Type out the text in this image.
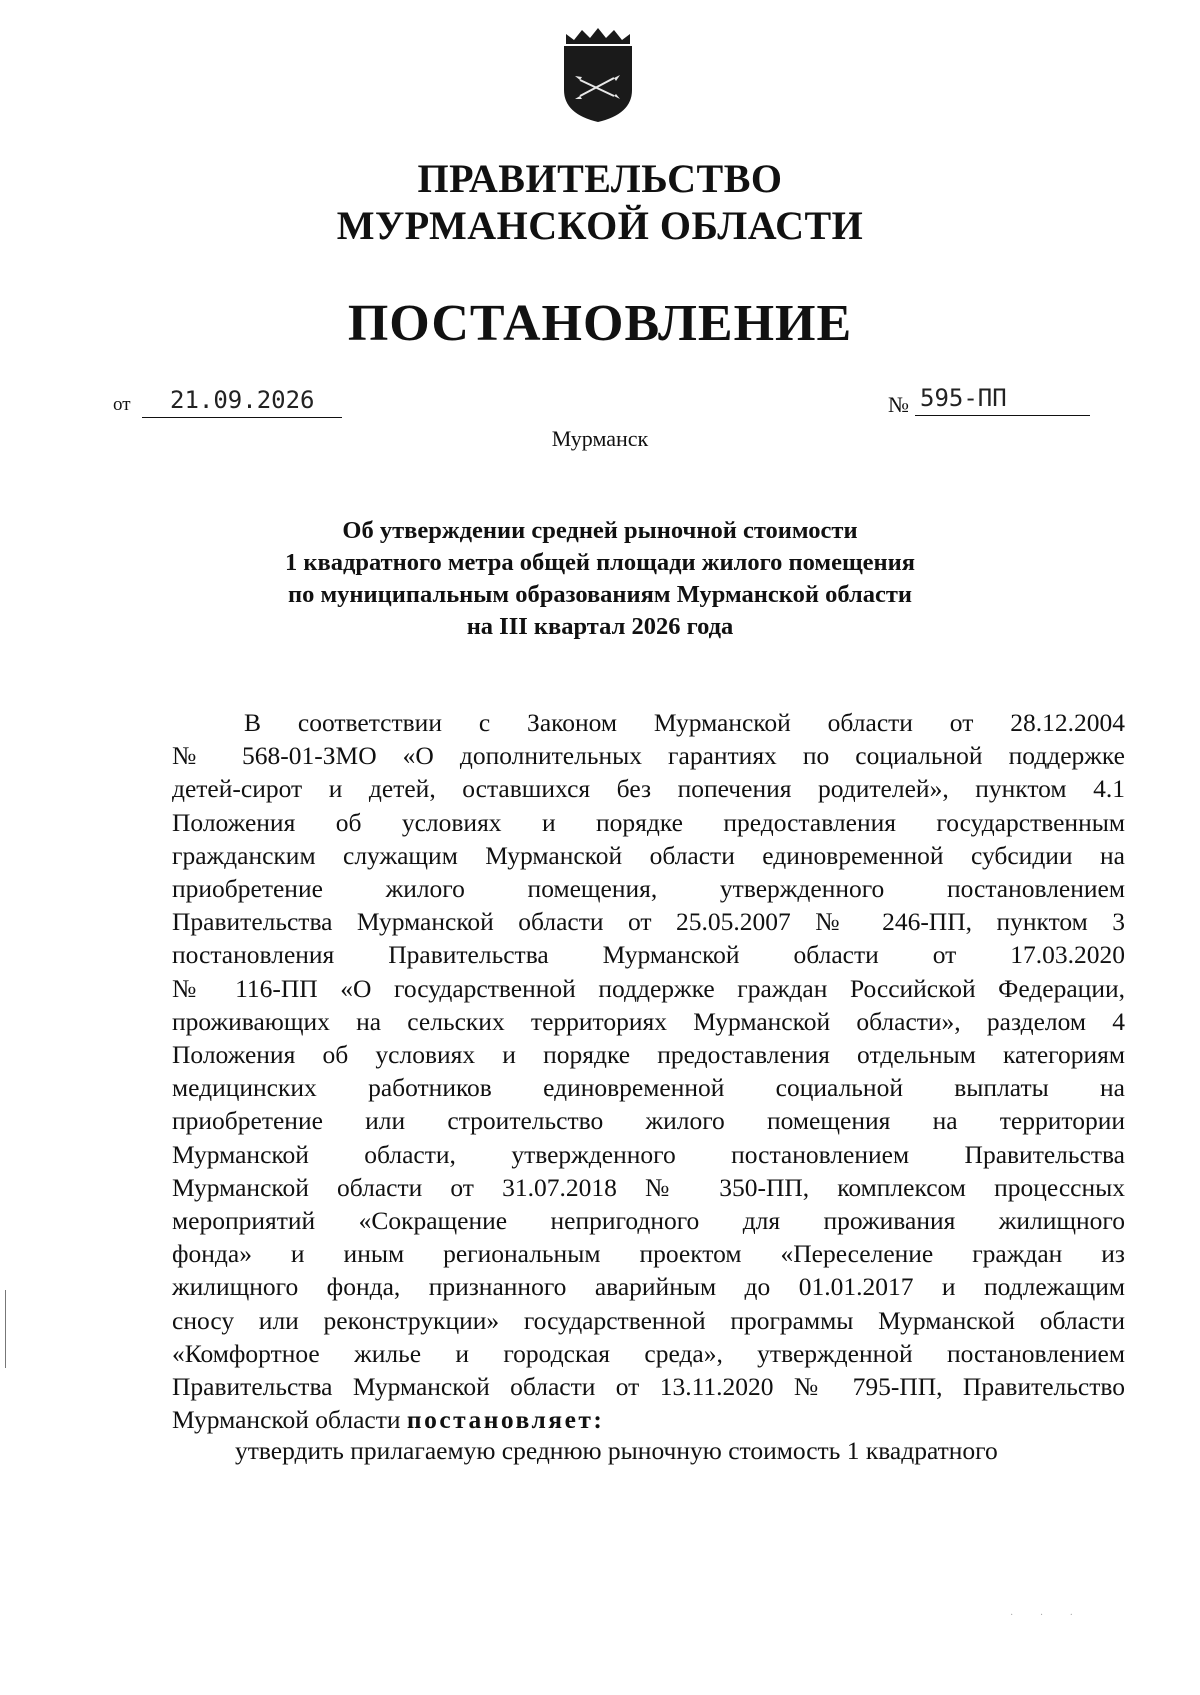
ПРАВИТЕЛЬСТВО
МУРМАНСКОЙ ОБЛАСТИ
ПОСТАНОВЛЕНИЕ
от 21.09.2026	№ 595-ПП
Мурманск
Об утверждении средней рыночной стоимости
1 квадратного метра общей площади жилого помещения
по муниципальным образованиям Мурманской области
на III квартал 2026 года
В соответствии с Законом Мурманской области от 28.12.2004
№ 568-01-ЗМО «О дополнительных гарантиях по социальной поддержке
детей-сирот и детей, оставшихся без попечения родителей», пунктом 4.1
Положения об условиях и порядке предоставления государственным
гражданским служащим Мурманской области единовременной субсидии на
приобретение жилого помещения, утвержденного постановлением
Правительства Мурманской области от 25.05.2007 № 246-ПП, пунктом 3
постановления Правительства Мурманской области от 17.03.2020
№ 116-ПП «О государственной поддержке граждан Российской Федерации,
проживающих на сельских территориях Мурманской области», разделом 4
Положения об условиях и порядке предоставления отдельным категориям
медицинских работников единовременной социальной выплаты на
приобретение или строительство жилого помещения на территории
Мурманской области, утвержденного постановлением Правительства
Мурманской области от 31.07.2018 № 350-ПП, комплексом процессных
мероприятий «Сокращение непригодного для проживания жилищного
фонда» и иным региональным проектом «Переселение граждан из
жилищного фонда, признанного аварийным до 01.01.2017 и подлежащим
сносу или реконструкции» государственной программы Мурманской области
«Комфортное жилье и городская среда», утвержденной постановлением
Правительства Мурманской области от 13.11.2020 № 795-ПП, Правительство
Мурманской области постановляет:
утвердить прилагаемую среднюю рыночную стоимость 1 квадратного
· · ·
